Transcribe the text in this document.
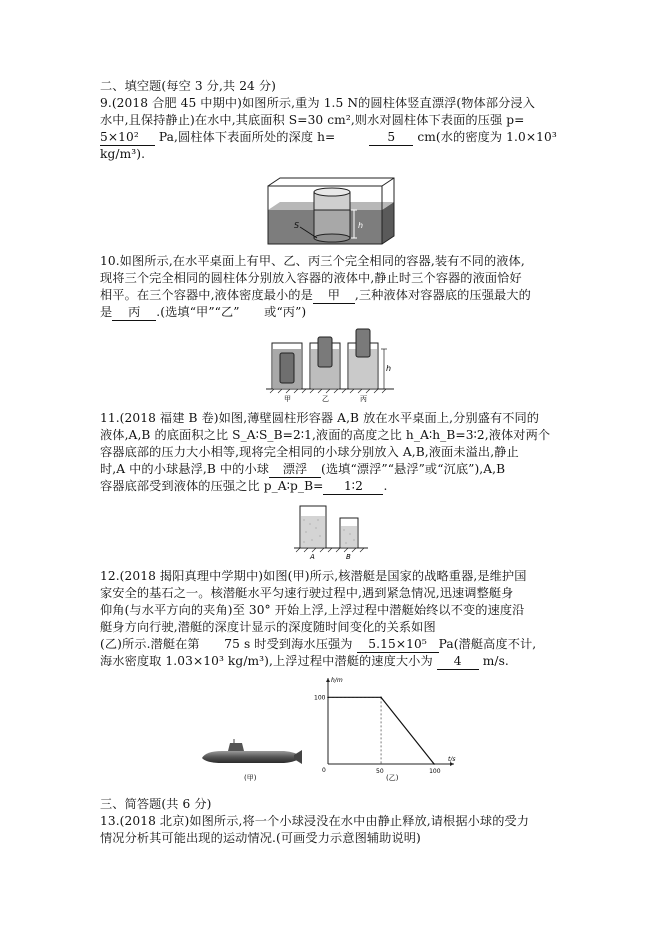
二、填空题(每空 3 分,共 24 分)
9.(2018 合肥 45 中期中)如图所示,重为 1.5 N的圆柱体竖直漂浮(物体部分浸入
水中,且保持静止)在水中,其底面积 S=30 cm²,则水对圆柱体下表面的压强 p=
5×10² Pa,圆柱体下表面所处的深度 h=	5 cm(水的密度为 1.0×10³
kg/m³).
h
S
10.如图所示,在水平桌面上有甲、乙、丙三个完全相同的容器,装有不同的液体,
现将三个完全相同的圆柱体分别放入容器的液体中,静止时三个容器的液面恰好
相平。在三个容器中,液体密度最小的是 甲 ,三种液体对容器底的压强最大的
是 丙 .(选填“甲”“乙”　　或“丙”)
h
甲	乙	丙
11.(2018 福建 B 卷)如图,薄壁圆柱形容器 A,B 放在水平桌面上,分别盛有不同的
液体,A,B 的底面积之比 S_A∶S_B=2∶1,液面的高度之比 h_A∶h_B=3∶2,液体对两个
容器底部的压力大小相等,现将完全相同的小球分别放入 A,B,液面未溢出,静止
时,A 中的小球悬浮,B 中的小球 漂浮 (选填“漂浮”“悬浮”或“沉底”),A,B
容器底部受到液体的压强之比 p_A∶p_B= 1∶2 .
A	B
12.(2018 揭阳真理中学期中)如图(甲)所示,核潜艇是国家的战略重器,是维护国
家安全的基石之一。核潜艇水平匀速行驶过程中,遇到紧急情况,迅速调整艇身
仰角(与水平方向的夹角)至 30° 开始上浮,上浮过程中潜艇始终以不变的速度沿
艇身方向行驶,潜艇的深度计显示的深度随时间变化的关系如图
(乙)所示.潜艇在第　　75 s 时受到海水压强为 5.15×10⁵ Pa(潜艇高度不计,
海水密度取 1.03×10³ kg/m³),上浮过程中潜艇的速度大小为 4 m/s.
(甲)
h/m
t/s
0	50	100
100
(乙)
三、简答题(共 6 分)
13.(2018 北京)如图所示,将一个小球浸没在水中由静止释放,请根据小球的受力
情况分析其可能出现的运动情况.(可画受力示意图辅助说明)
